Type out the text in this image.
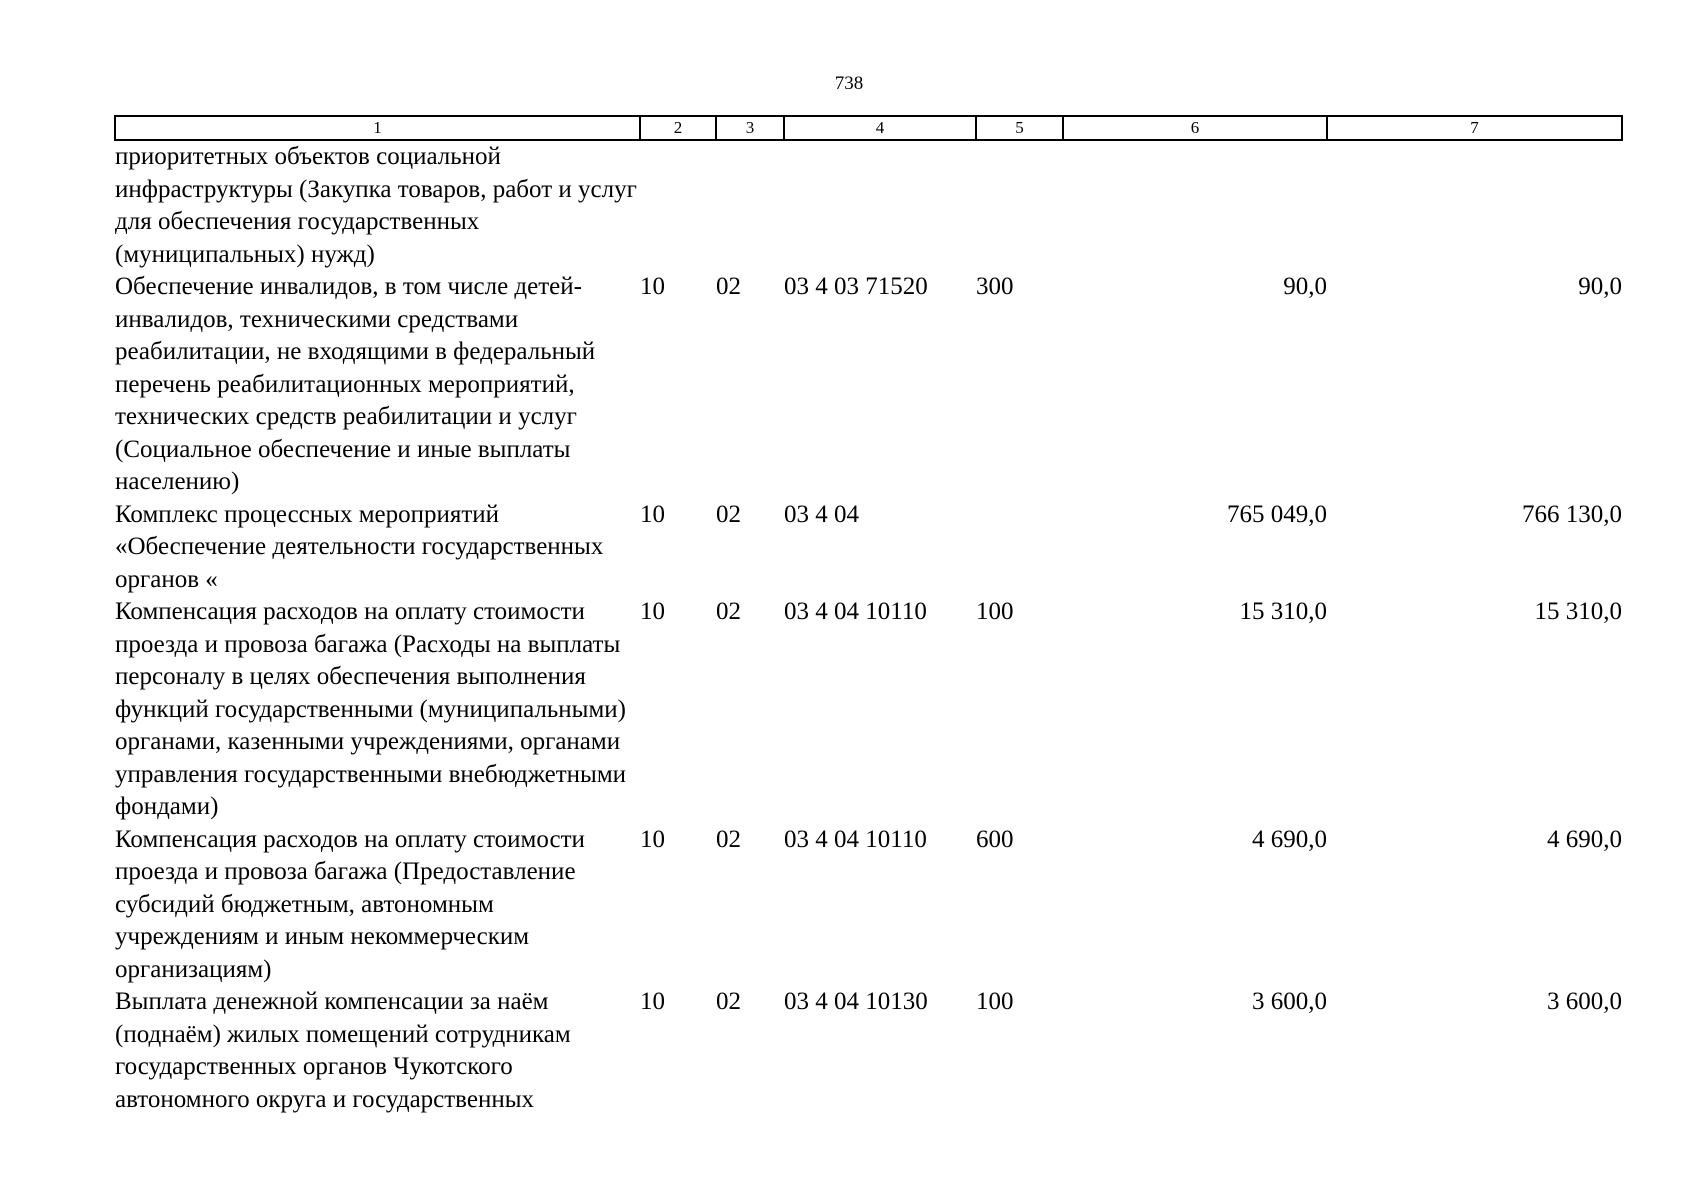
738
1	2	3	4	5	6	7
приоритетных объектов социальной инфраструктуры (Закупка товаров, работ и услуг для обеспечения государственных (муниципальных) нужд)						
Обеспечение инвалидов, в том числе детей-инвалидов, техническими средствами реабилитации, не входящими в федеральный перечень реабилитационных мероприятий, технических средств реабилитации и услуг (Социальное обеспечение и иные выплаты населению)	10	02	03 4 03 71520	300	90,0	90,0
Комплекс процессных мероприятий «Обеспечение деятельности государственных органов «	10	02	03 4 04		765 049,0	766 130,0
Компенсация расходов на оплату стоимости проезда и провоза багажа (Расходы на выплаты персоналу в целях обеспечения выполнения функций государственными (муниципальными) органами, казенными учреждениями, органами управления государственными внебюджетными фондами)	10	02	03 4 04 10110	100	15 310,0	15 310,0
Компенсация расходов на оплату стоимости проезда и провоза багажа (Предоставление субсидий бюджетным, автономным учреждениям и иным некоммерческим организациям)	10	02	03 4 04 10110	600	4 690,0	4 690,0
Выплата денежной компенсации за наём (поднаём) жилых помещений сотрудникам государственных органов Чукотского автономного округа и государственных	10	02	03 4 04 10130	100	3 600,0	3 600,0
